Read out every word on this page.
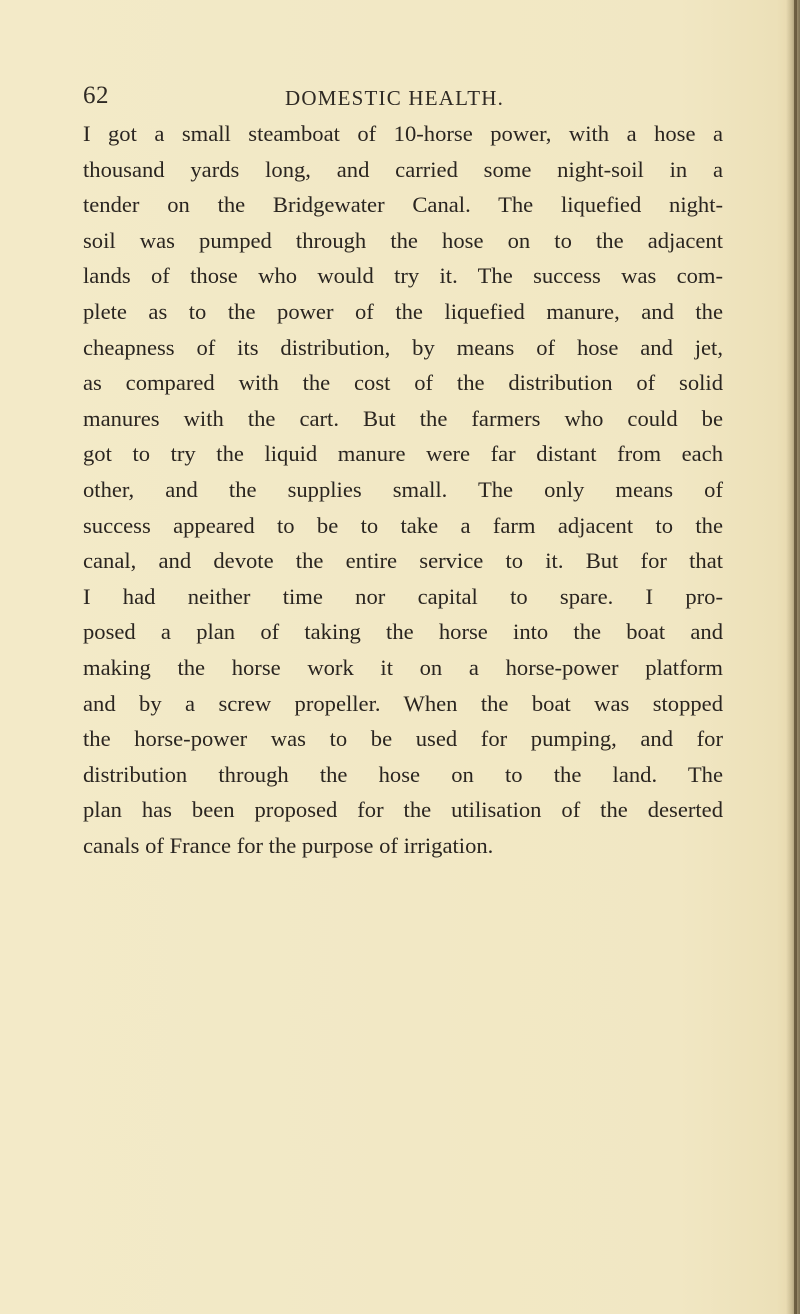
62	DOMESTIC HEALTH.
I got a small steamboat of 10-horse power, with a hose a
thousand yards long, and carried some night-soil in a
tender on the Bridgewater Canal. The liquefied night-
soil was pumped through the hose on to the adjacent
lands of those who would try it. The success was com-
plete as to the power of the liquefied manure, and the
cheapness of its distribution, by means of hose and jet,
as compared with the cost of the distribution of solid
manures with the cart. But the farmers who could be
got to try the liquid manure were far distant from each
other, and the supplies small. The only means of
success appeared to be to take a farm adjacent to the
canal, and devote the entire service to it. But for that
I had neither time nor capital to spare. I pro-
posed a plan of taking the horse into the boat and
making the horse work it on a horse-power platform
and by a screw propeller. When the boat was stopped
the horse-power was to be used for pumping, and for
distribution through the hose on to the land. The
plan has been proposed for the utilisation of the deserted
canals of France for the purpose of irrigation.
